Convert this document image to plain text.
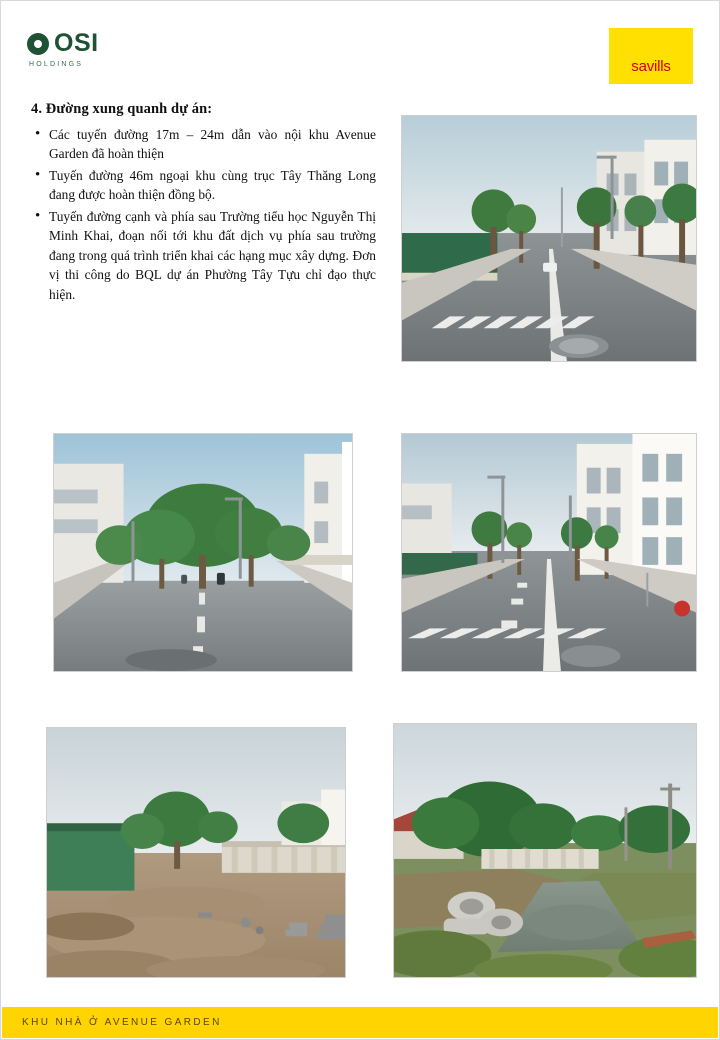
OSI
HOLDINGS	savills
4. Đường xung quanh dự án:
• Các tuyến đường 17m – 24m dẫn vào nội khu Avenue Garden đã hoàn thiện
• Tuyến đường 46m ngoại khu cùng trục Tây Thăng Long đang được hoàn thiện đồng bộ.
• Tuyến đường cạnh và phía sau Trường tiểu học Nguyễn Thị Minh Khai, đoạn nối tới khu đất dịch vụ phía sau trường đang trong quá trình triển khai các hạng mục xây dựng. Đơn vị thi công do BQL dự án Phường Tây Tựu chỉ đạo thực hiện.
KHU NHÀ Ở AVENUE GARDEN
